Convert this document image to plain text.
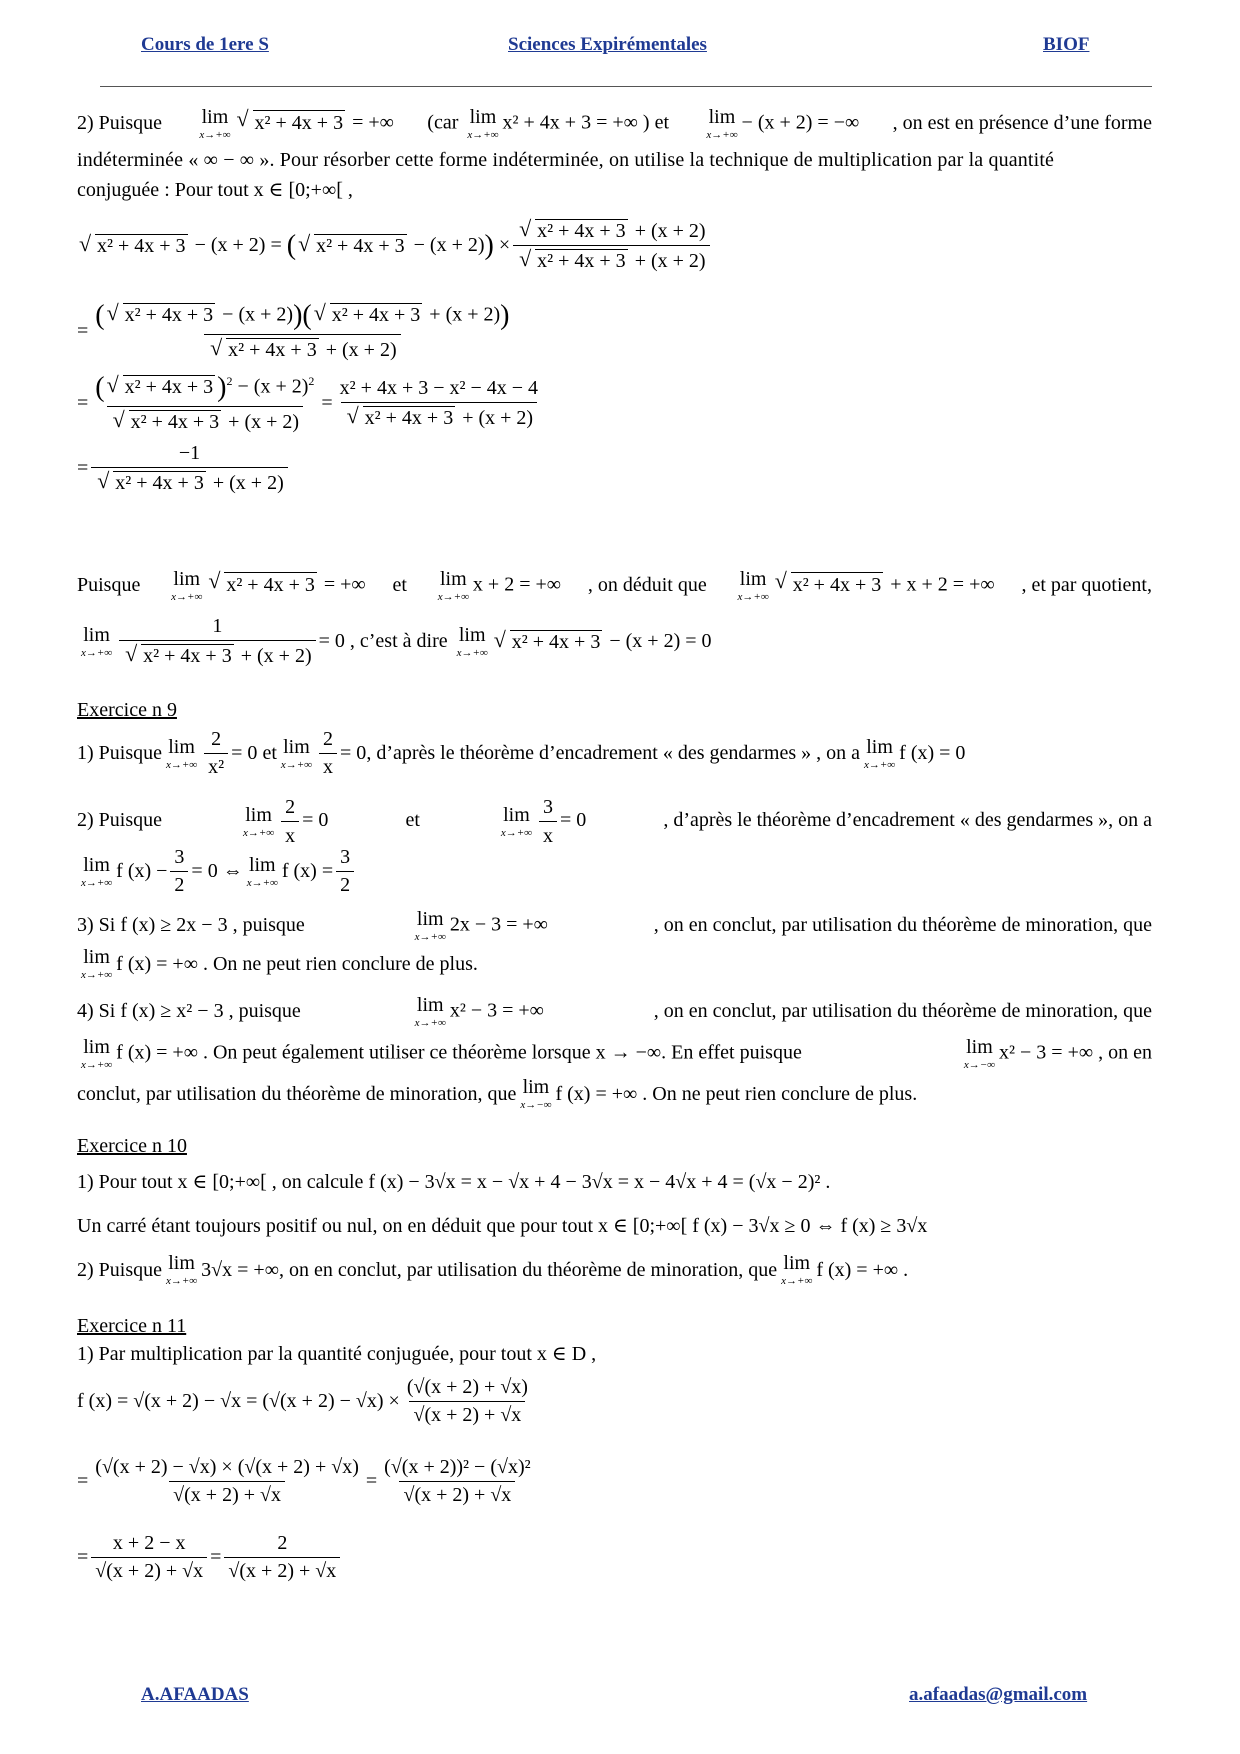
Cours de 1ere S	Sciences Expirémentales	BIOF
2) Puisque lim
x→+∞
√ x² + 4x + 3 = +∞ (car lim
x→+∞
x² + 4x + 3 = +∞ ) et lim
x→+∞
− (x + 2) = −∞ , on est en présence d’une forme
indéterminée « ∞ − ∞ ». Pour résorber cette forme indéterminée, on utilise la technique de multiplication par la quantité
conjuguée : Pour tout x ∈ [0;+∞[ ,
√ x² + 4x + 3 − (x + 2) = (	√ x² + 4x + 3 − (x + 2) ) × √ x² + 4x + 3 + (x + 2)
√ x² + 4x + 3 + (x + 2)
= ( √ x² + 4x + 3 − (x + 2))( √ x² + 4x + 3 + (x + 2))
√ x² + 4x + 3 + (x + 2)
= ( √ x² + 4x + 3 )$^2 - (x + 2)^2$
√ x² + 4x + 3 + (x + 2) = x² + 4x + 3 − x² − 4x − 4
√ x² + 4x + 3 + (x + 2)
= −1
√ x² + 4x + 3 + (x + 2)
Puisque lim
x→+∞
√ x² + 4x + 3 = +∞ et lim
x→+∞
x + 2 = +∞ , on déduit que lim
x→+∞
√ x² + 4x + 3 + x + 2 = +∞ , et par quotient,
lim
x→+∞ 1
√ x² + 4x + 3 + (x + 2) = 0 , c’est à dire
lim
x→+∞	√ x² + 4x + 3
− (x + 2) = 0
Exercice n 9
1) Puisque lim
$x\to+\infty \frac{2}{\text{x²}} = 0$
et lim
$x\to+\infty \frac{2}{x} = 0$ , d’après le théorème d’encadrement « des gendarmes » , on a lim
x→+∞
f (x) = 0
2) Puisque	lim
$x\to+\infty \frac{2}{x} = 0$	et	lim
$x\to+\infty \frac{3}{x} = 0$	, d’après le théorème d’encadrement « des gendarmes », on a
lim
x→+∞
f $(x) - \frac{3}{2} = 0$ ⇔ lim
x→+∞
f $(x) = \frac{3}{2}$
3) Si f (x) ≥ 2x − 3 , puisque	lim
x→+∞
2x − 3 = +∞	, on en conclut, par utilisation du théorème de minoration, que
lim
x→+∞
f (x) = +∞ . On ne peut rien conclure de plus.
4) Si f (x) ≥ x² − 3 , puisque	lim
x→+∞
x² − 3 = +∞	, on en conclut, par utilisation du théorème de minoration, que
lim
x→+∞
f (x) = +∞ . On peut également utiliser ce théorème lorsque x → −∞. En effet puisque	lim
x→−∞
x² − 3 = +∞ , on en
conclut, par utilisation du théorème de minoration, que lim
x→−∞
f (x) = +∞ . On ne peut rien conclure de plus.
Exercice n 10
1) Pour tout x ∈ [0;+∞[ , on calcule f (x) − 3√x = x − √x + 4 − 3√x = x − 4√x + 4 = (√x − 2)² .
Un carré étant toujours positif ou nul, on en déduit que pour tout x ∈ [0;+∞[ f (x) − 3√x ≥ 0 ⇔ f (x) ≥ 3√x
2) Puisque lim
x→+∞
3√x = +∞ , on en conclut, par utilisation du théorème de minoration, que lim
x→+∞
f (x) = +∞ .
Exercice n 11
1) Par multiplication par la quantité conjuguée, pour tout x ∈ D ,
f $(x) = √(x + 2) - √x = (√(x + 2) - √x) \times \frac{(√(x + 2) + √x)}{√(x + 2) + √x}$
= $\frac{(√(x + 2) - √x) \times (√(x + 2) + √x)}{√(x + 2) + √x} = \frac{\text{(√(x + 2))² − (√x)²}}{√(x + 2) + √x}$
= $\frac{x + 2 - x}{√(x + 2) + √x} = \frac{2}{√(x + 2) + √x}$
A.AFAADAS	a.afaadas@gmail.com
